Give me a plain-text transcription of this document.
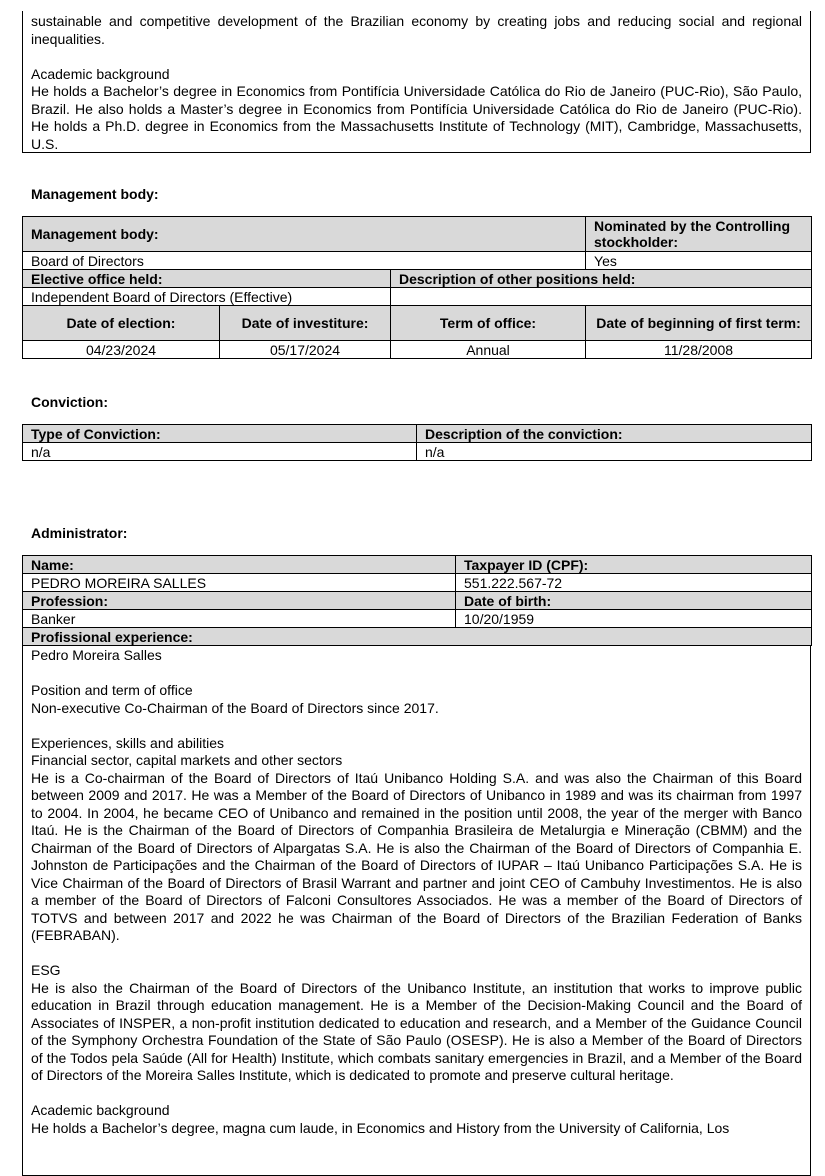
sustainable and competitive development of the Brazilian economy by creating jobs and reducing social and regional inequalities.
Academic background
He holds a Bachelor’s degree in Economics from Pontifícia Universidade Católica do Rio de Janeiro (PUC-Rio), São Paulo, Brazil. He also holds a Master’s degree in Economics from Pontifícia Universidade Católica do Rio de Janeiro (PUC-Rio). He holds a Ph.D. degree in Economics from the Massachusetts Institute of Technology (MIT), Cambridge, Massachusetts, U.S.
Management body:
Management body:			Nominated by the Controlling stockholder:
Board of Directors			Yes
Elective office held:		Description of other positions held:	
Independent Board of Directors (Effective)			
Date of election:	Date of investiture:	Term of office:	Date of beginning of first term:
04/23/2024	05/17/2024	Annual	11/28/2008
Conviction:
Type of Conviction:	Description of the conviction:
n/a	n/a
Administrator:
Name:	Taxpayer ID (CPF):
PEDRO MOREIRA SALLES	551.222.567-72
Profession:	Date of birth:
Banker	10/20/1959
Profissional experience:	
Pedro Moreira Salles
Position and term of office
Non-executive Co-Chairman of the Board of Directors since 2017.
Experiences, skills and abilities
Financial sector, capital markets and other sectors
He is a Co-chairman of the Board of Directors of Itaú Unibanco Holding S.A. and was also the Chairman of this Board between 2009 and 2017. He was a Member of the Board of Directors of Unibanco in 1989 and was its chairman from 1997 to 2004. In 2004, he became CEO of Unibanco and remained in the position until 2008, the year of the merger with Banco Itaú. He is the Chairman of the Board of Directors of Companhia Brasileira de Metalurgia e Mineração (CBMM) and the Chairman of the Board of Directors of Alpargatas S.A. He is also the Chairman of the Board of Directors of Companhia E. Johnston de Participações and the Chairman of the Board of Directors of IUPAR – Itaú Unibanco Participações S.A. He is Vice Chairman of the Board of Directors of Brasil Warrant and partner and joint CEO of Cambuhy Investimentos. He is also a member of the Board of Directors of Falconi Consultores Associados. He was a member of the Board of Directors of TOTVS and between 2017 and 2022 he was Chairman of the Board of Directors of the Brazilian Federation of Banks (FEBRABAN).
ESG
He is also the Chairman of the Board of Directors of the Unibanco Institute, an institution that works to improve public education in Brazil through education management. He is a Member of the Decision-Making Council and the Board of Associates of INSPER, a non-profit institution dedicated to education and research, and a Member of the Guidance Council of the Symphony Orchestra Foundation of the State of São Paulo (OSESP). He is also a Member of the Board of Directors of the Todos pela Saúde (All for Health) Institute, which combats sanitary emergencies in Brazil, and a Member of the Board of Directors of the Moreira Salles Institute, which is dedicated to promote and preserve cultural heritage.
Academic background
He holds a Bachelor’s degree, magna cum laude, in Economics and History from the University of California, Los
